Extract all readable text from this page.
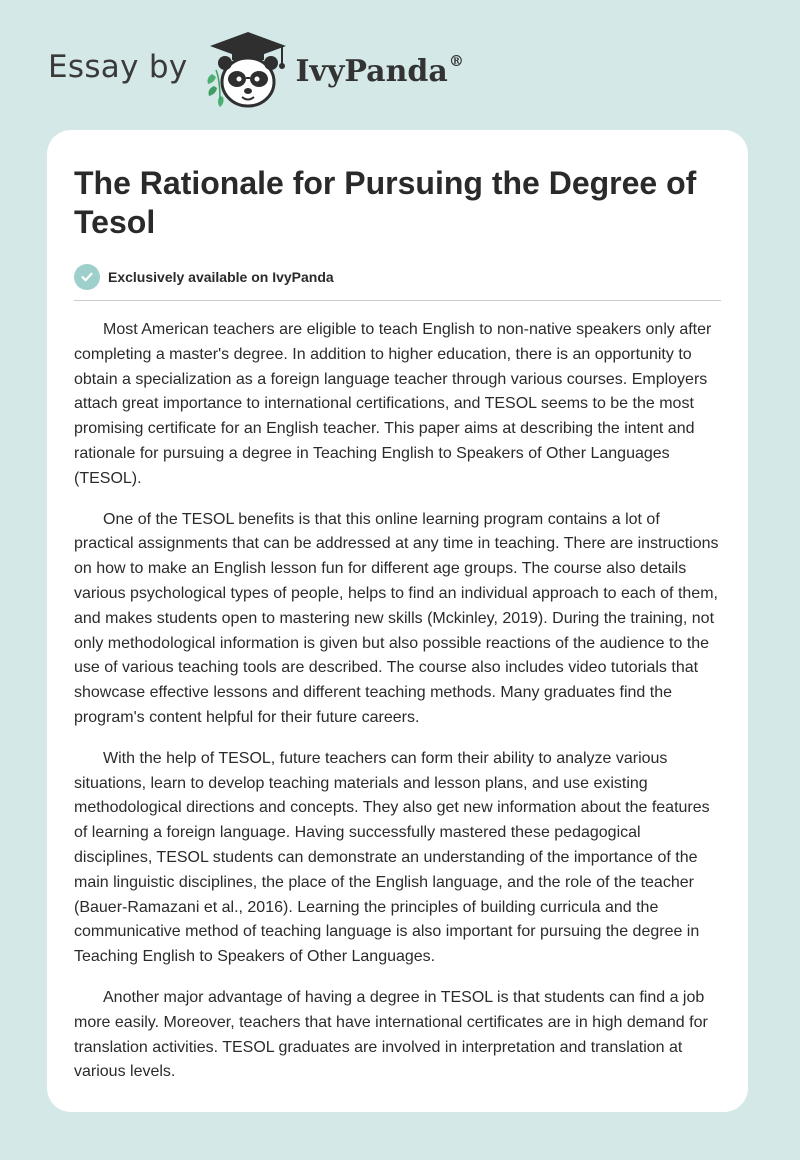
Essay by	IvyPanda®
The Rationale for Pursuing the Degree of Tesol
Exclusively available on IvyPanda

Most American teachers are eligible to teach English to non-native speakers only after completing a master's degree. In addition to higher education, there is an opportunity to obtain a specialization as a foreign language teacher through various courses. Employers attach great importance to international certifications, and TESOL seems to be the most promising certificate for an English teacher. This paper aims at describing the intent and rationale for pursuing a degree in Teaching English to Speakers of Other Languages (TESOL).

One of the TESOL benefits is that this online learning program contains a lot of practical assignments that can be addressed at any time in teaching. There are instructions on how to make an English lesson fun for different age groups. The course also details various psychological types of people, helps to find an individual approach to each of them, and makes students open to mastering new skills (Mckinley, 2019). During the training, not only methodological information is given but also possible reactions of the audience to the use of various teaching tools are described. The course also includes video tutorials that showcase effective lessons and different teaching methods. Many graduates find the program's content helpful for their future careers.

With the help of TESOL, future teachers can form their ability to analyze various situations, learn to develop teaching materials and lesson plans, and use existing methodological directions and concepts. They also get new information about the features of learning a foreign language. Having successfully mastered these pedagogical disciplines, TESOL students can demonstrate an understanding of the importance of the main linguistic disciplines, the place of the English language, and the role of the teacher (Bauer-Ramazani et al., 2016). Learning the principles of building curricula and the communicative method of teaching language is also important for pursuing the degree in Teaching English to Speakers of Other Languages.

Another major advantage of having a degree in TESOL is that students can find a job more easily. Moreover, teachers that have international certificates are in high demand for translation activities. TESOL graduates are involved in interpretation and translation at various levels.
